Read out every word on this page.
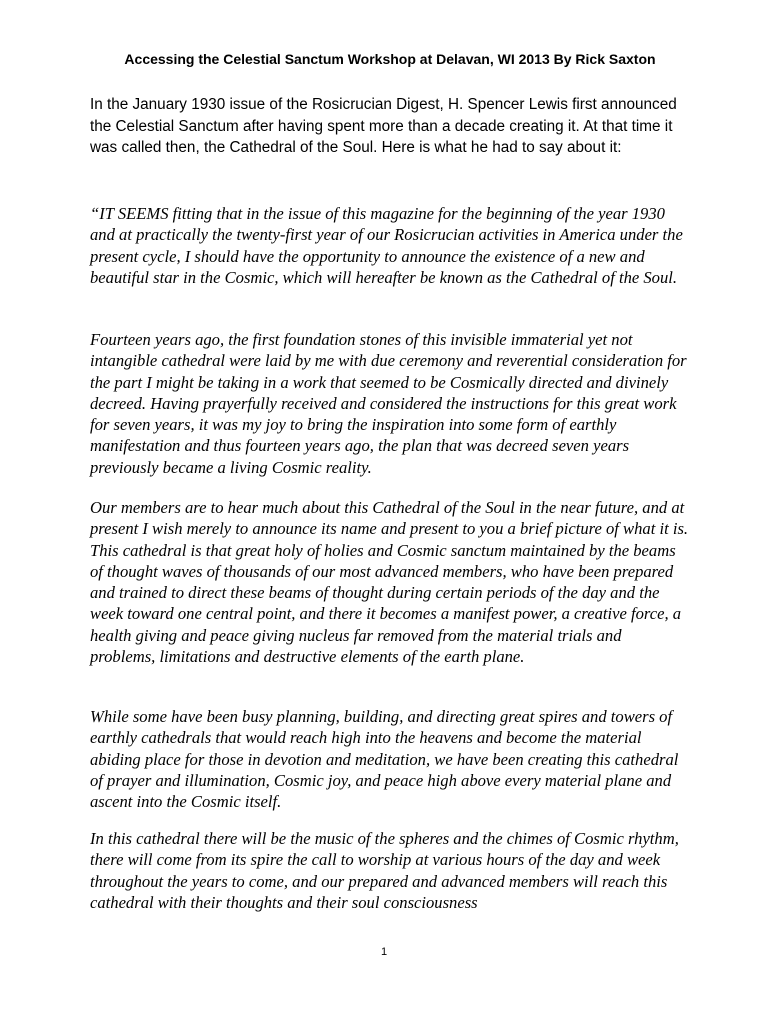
Accessing the Celestial Sanctum Workshop at Delavan, WI 2013 By Rick Saxton

In the January 1930 issue of the Rosicrucian Digest, H. Spencer Lewis first announced the Celestial Sanctum after having spent more than a decade creating it. At that time it was called then, the Cathedral of the Soul. Here is what he had to say about it:

“IT SEEMS fitting that in the issue of this magazine for the beginning of the year 1930 and at practically the twenty-first year of our Rosicrucian activities in America under the present cycle, I should have the opportunity to announce the existence of a new and beautiful star in the Cosmic, which will hereafter be known as the Cathedral of the Soul.

Fourteen years ago, the first foundation stones of this invisible immaterial yet not intangible cathedral were laid by me with due ceremony and reverential consideration for the part I might be taking in a work that seemed to be Cosmically directed and divinely decreed. Having prayerfully received and considered the instructions for this great work for seven years, it was my joy to bring the inspiration into some form of earthly manifestation and thus fourteen years ago, the plan that was decreed seven years previously became a living Cosmic reality.

Our members are to hear much about this Cathedral of the Soul in the near future, and at present I wish merely to announce its name and present to you a brief picture of what it is. This cathedral is that great holy of holies and Cosmic sanctum maintained by the beams of thought waves of thousands of our most advanced members, who have been prepared and trained to direct these beams of thought during certain periods of the day and the week toward one central point, and there it becomes a manifest power, a creative force, a health giving and peace giving nucleus far removed from the material trials and problems, limitations and destructive elements of the earth plane.

While some have been busy planning, building, and directing great spires and towers of earthly cathedrals that would reach high into the heavens and become the material abiding place for those in devotion and meditation, we have been creating this cathedral of prayer and illumination, Cosmic joy, and peace high above every material plane and ascent into the Cosmic itself.

In this cathedral there will be the music of the spheres and the chimes of Cosmic rhythm, there will come from its spire the call to worship at various hours of the day and week throughout the years to come, and our prepared and advanced members will reach this cathedral with their thoughts and their soul consciousness

1
